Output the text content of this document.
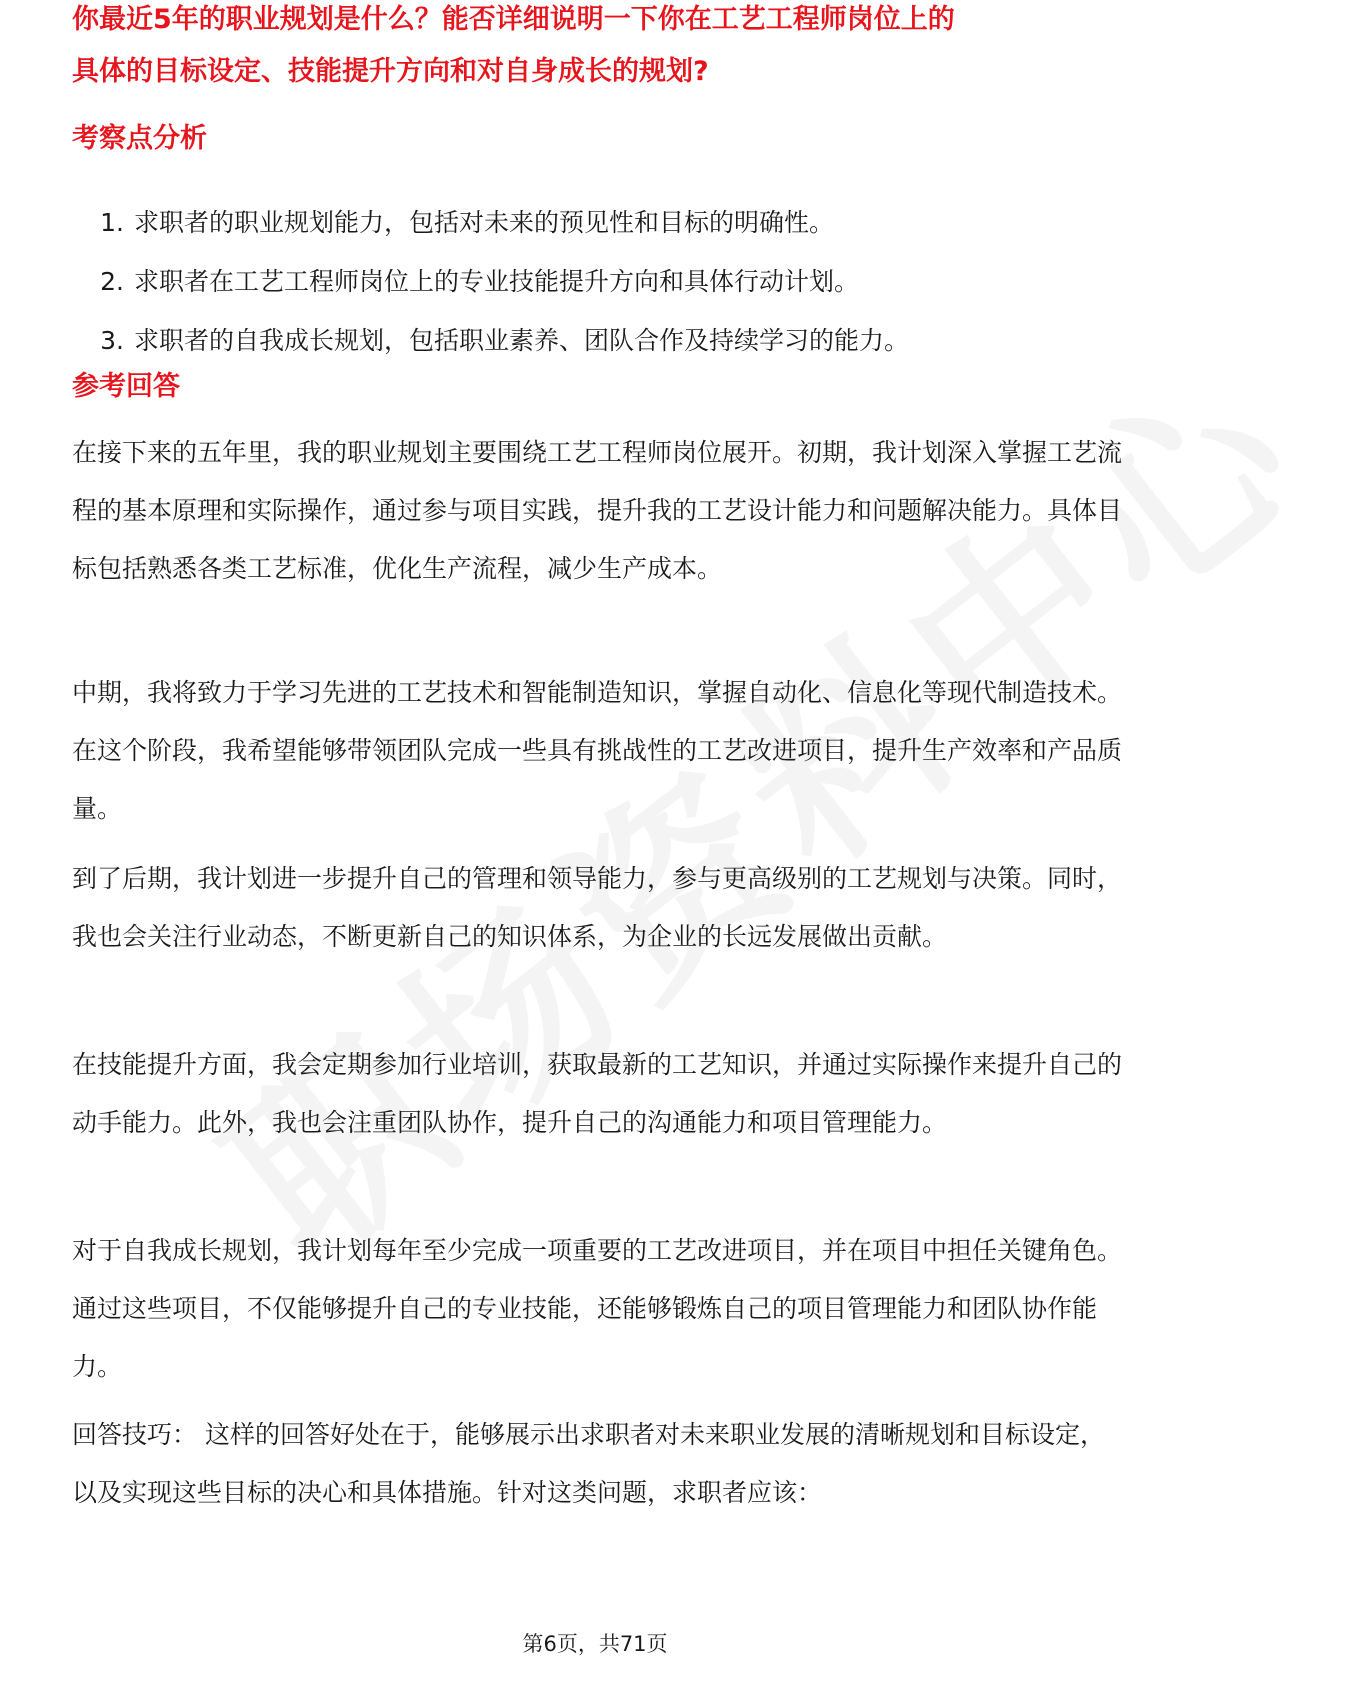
你最近5年的职业规划是什么？能否详细说明一下你在工艺工程师岗位上的
具体的目标设定、技能提升方向和对自身成长的规划?
考察点分析
1. 求职者的职业规划能力，包括对未来的预见性和目标的明确性。
2. 求职者在工艺工程师岗位上的专业技能提升方向和具体行动计划。
3. 求职者的自我成长规划，包括职业素养、团队合作及持续学习的能力。
参考回答

在接下来的五年里，我的职业规划主要围绕工艺工程师岗位展开。初期，我计划深入掌握工艺流程的基本原理和实际操作，通过参与项目实践，提升我的工艺设计能力和问题解决能力。具体目标包括熟悉各类工艺标准，优化生产流程，减少生产成本。

中期，我将致力于学习先进的工艺技术和智能制造知识，掌握自动化、信息化等现代制造技术。在这个阶段，我希望能够带领团队完成一些具有挑战性的工艺改进项目，提升生产效率和产品质量。

到了后期，我计划进一步提升自己的管理和领导能力，参与更高级别的工艺规划与决策。同时，我也会关注行业动态，不断更新自己的知识体系，为企业的长远发展做出贡献。

在技能提升方面，我会定期参加行业培训，获取最新的工艺知识，并通过实际操作来提升自己的动手能力。此外，我也会注重团队协作，提升自己的沟通能力和项目管理能力。

对于自我成长规划，我计划每年至少完成一项重要的工艺改进项目，并在项目中担任关键角色。通过这些项目，不仅能够提升自己的专业技能，还能够锻炼自己的项目管理能力和团队协作能力。

回答技巧： 这样的回答好处在于，能够展示出求职者对未来职业发展的清晰规划和目标设定，以及实现这些目标的决心和具体措施。针对这类问题，求职者应该：

第6页，共71页
